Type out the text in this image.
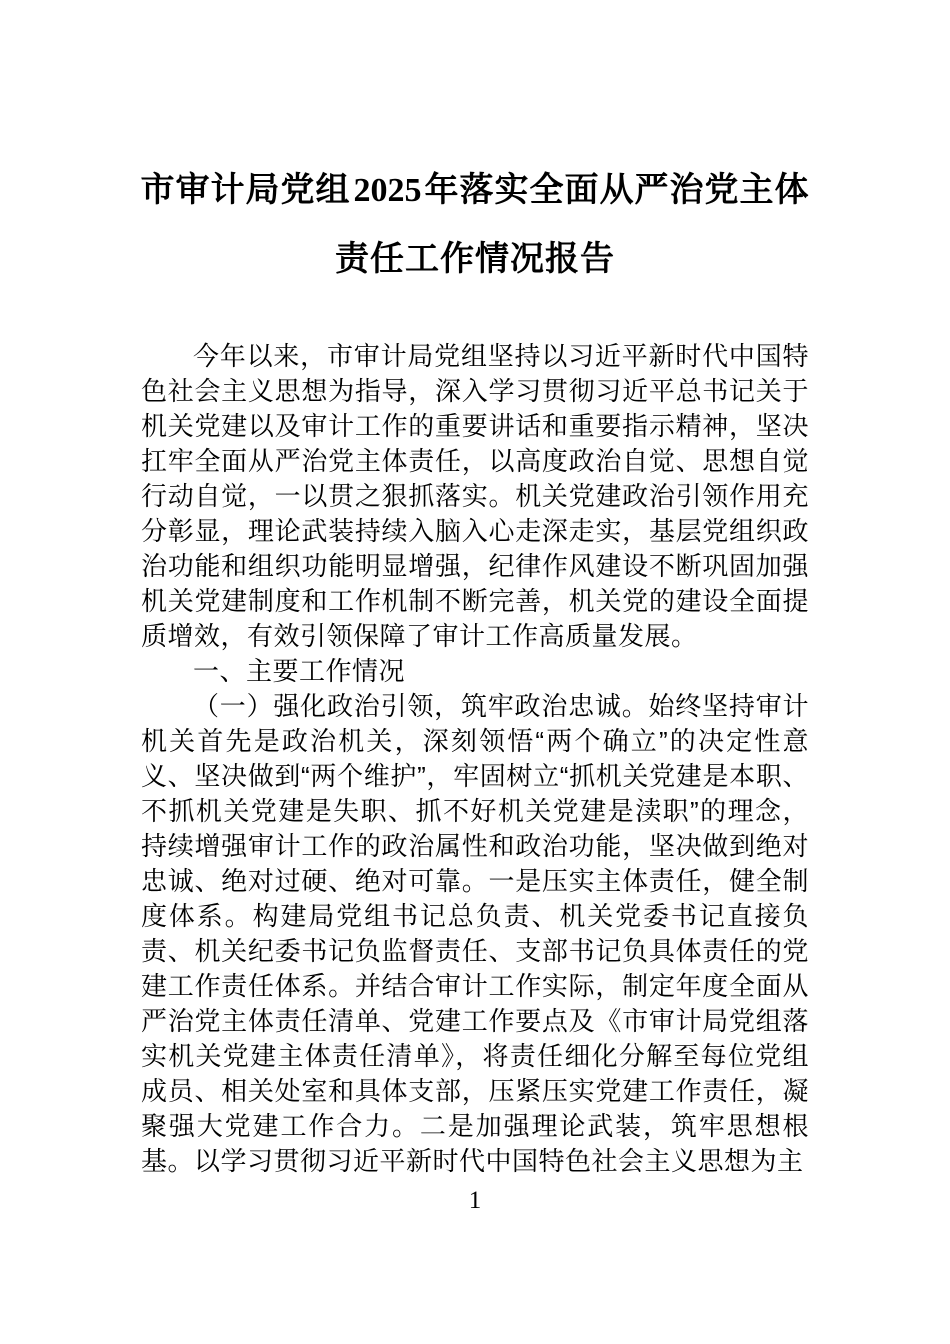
市审计局党组2025年落实全面从严治党主体责任工作情况报告

今年以来，市审计局党组坚持以习近平新时代中国特色社会主义思想为指导，深入学习贯彻习近平总书记关于机关党建以及审计工作的重要讲话和重要指示精神，坚决扛牢全面从严治党主体责任，以高度政治自觉、思想自觉行动自觉，一以贯之狠抓落实。机关党建政治引领作用充分彰显，理论武装持续入脑入心走深走实，基层党组织政治功能和组织功能明显增强，纪律作风建设不断巩固加强机关党建制度和工作机制不断完善，机关党的建设全面提质增效，有效引领保障了审计工作高质量发展。

一、主要工作情况

（一）强化政治引领，筑牢政治忠诚。始终坚持审计机关首先是政治机关，深刻领悟“两个确立”的决定性意义、坚决做到“两个维护”，牢固树立“抓机关党建是本职、不抓机关党建是失职、抓不好机关党建是渎职”的理念，持续增强审计工作的政治属性和政治功能，坚决做到绝对忠诚、绝对过硬、绝对可靠。一是压实主体责任，健全制度体系。构建局党组书记总负责、机关党委书记直接负责、机关纪委书记负监督责任、支部书记负具体责任的党建工作责任体系。并结合审计工作实际，制定年度全面从严治党主体责任清单、党建工作要点及《市审计局党组落实机关党建主体责任清单》，将责任细化分解至每位党组成员、相关处室和具体支部，压紧压实党建工作责任，凝聚强大党建工作合力。二是加强理论武装，筑牢思想根基。以学习贯彻习近平新时代中国特色社会主义思想为主

1
